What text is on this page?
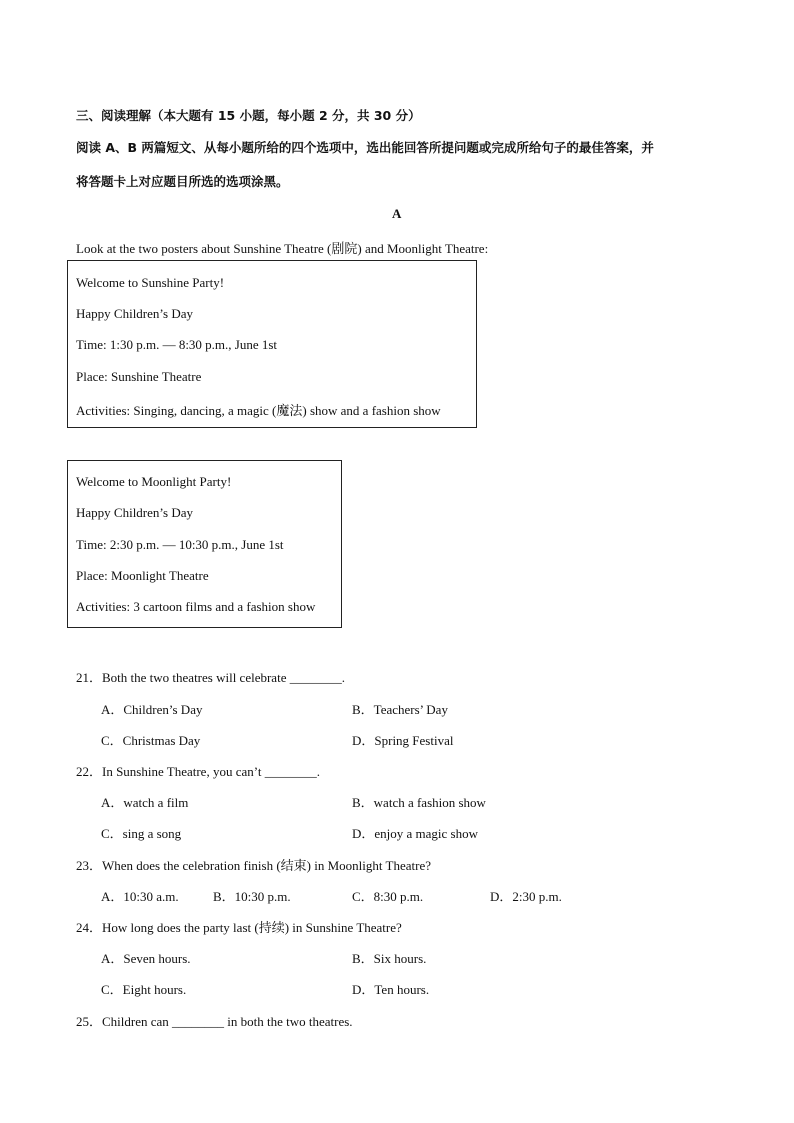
三、阅读理解（本大题有 15 小题，每小题 2 分，共 30 分）
阅读 A、B 两篇短文、从每小题所给的四个选项中，选出能回答所提问题或完成所给句子的最佳答案，并
将答题卡上对应题目所选的选项涂黑。
A
Look at the two posters about Sunshine Theatre (剧院) and Moonlight Theatre:
Welcome to Sunshine Party!
Happy Children’s Day
Time: 1:30 p.m. — 8:30 p.m., June 1st
Place: Sunshine Theatre
Activities: Singing, dancing, a magic (魔法) show and a fashion show
Welcome to Moonlight Party!
Happy Children’s Day
Time: 2:30 p.m. — 10:30 p.m., June 1st
Place: Moonlight Theatre
Activities: 3 cartoon films and a fashion show
21．Both the two theatres will celebrate ________.
A．Children’s Day	B．Teachers’ Day
C．Christmas Day	D．Spring Festival
22．In Sunshine Theatre, you can’t ________.
A．watch a film	B．watch a fashion show
C．sing a song	D．enjoy a magic show
23．When does the celebration finish (结束) in Moonlight Theatre?
A．10:30 a.m.	B．10:30 p.m.	C．8:30 p.m.	D．2:30 p.m.
24．How long does the party last (持续) in Sunshine Theatre?
A．Seven hours.	B．Six hours.
C．Eight hours.	D．Ten hours.
25．Children can ________ in both the two theatres.
